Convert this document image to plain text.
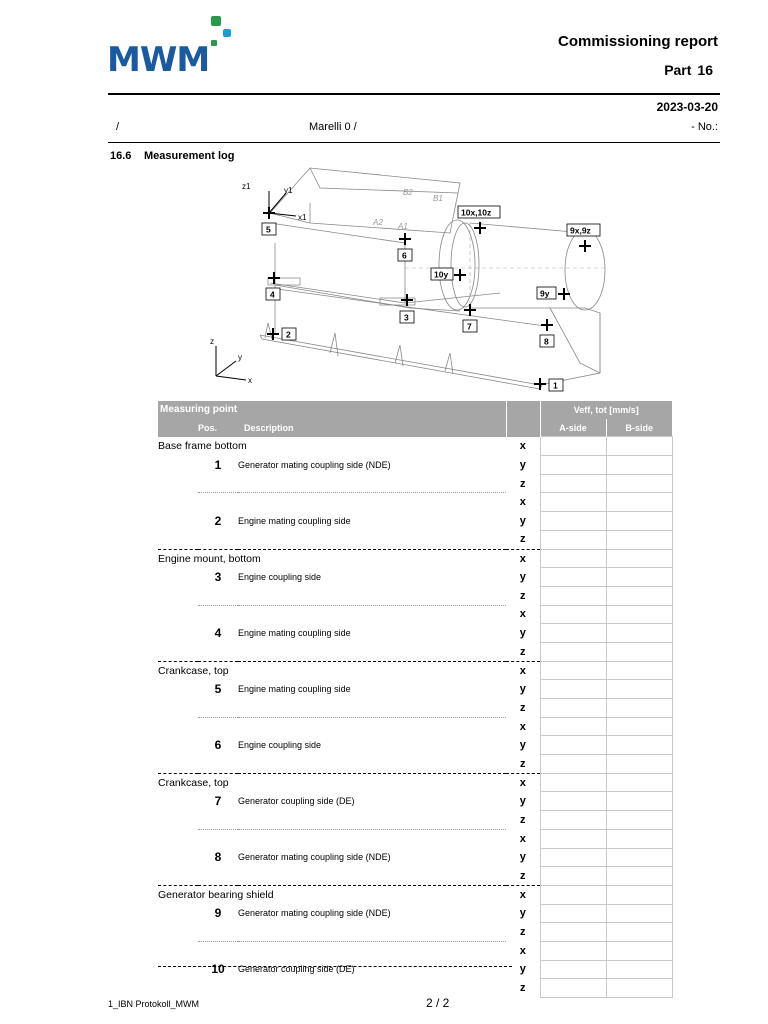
MWM	Commissioning report
Part 16
2023-03-20
/	Marelli 0 /	- No.:
16.6 Measurement log
B2
B1
A2 A1
z1	y1
x1
z
y
x
5
6
4
3
7
8
2
1
10y
10x,10z
9x,9z
9y
Measuring point				Veff, tot [mm/s]	
	Pos.	Description		A-side	B-side
Base frame bottom			x		
	1	Generator mating coupling side (NDE)	y		
			z		
			x		
	2	Engine mating coupling side	y		
			z		
Engine mount, bottom			x		
	3	Engine coupling side	y		
			z		
			x		
	4	Engine mating coupling side	y		
			z		
Crankcase, top			x		
	5	Engine mating coupling side	y		
			z		
			x		
	6	Engine coupling side	y		
			z		
Crankcase, top			x		
	7	Generator coupling side (DE)	y		
			z		
			x		
	8	Generator mating coupling side (NDE)	y		
			z		
Generator bearing shield			x		
	9	Generator mating coupling side (NDE)	y		
			z		
			x		
	10	Generator coupling side (DE)	y		
			z		
1_IBN Protokoll_MWM	2 / 2
